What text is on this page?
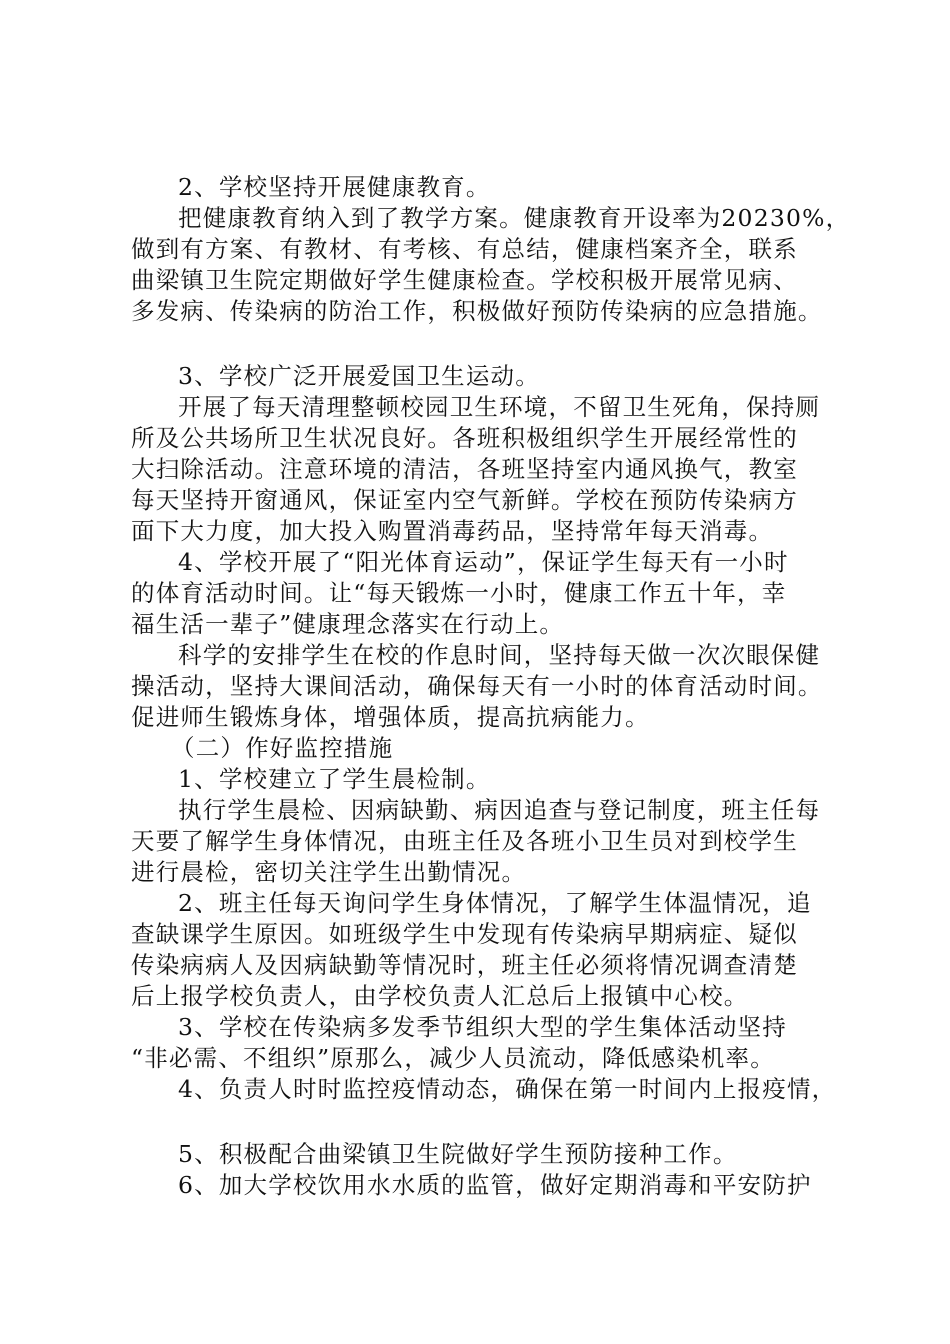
2、学校坚持开展健康教育。
把健康教育纳入到了教学方案。健康教育开设率为20230%，
做到有方案、有教材、有考核、有总结，健康档案齐全，联系
曲梁镇卫生院定期做好学生健康检查。学校积极开展常见病、
多发病、传染病的防治工作，积极做好预防传染病的应急措施。
3、学校广泛开展爱国卫生运动。
开展了每天清理整顿校园卫生环境，不留卫生死角，保持厕
所及公共场所卫生状况良好。各班积极组织学生开展经常性的
大扫除活动。注意环境的清洁，各班坚持室内通风换气，教室
每天坚持开窗通风，保证室内空气新鲜。学校在预防传染病方
面下大力度，加大投入购置消毒药品，坚持常年每天消毒。
4、学校开展了“阳光体育运动”，保证学生每天有一小时
的体育活动时间。让“每天锻炼一小时，健康工作五十年，幸
福生活一辈子”健康理念落实在行动上。
科学的安排学生在校的作息时间，坚持每天做一次次眼保健
操活动，坚持大课间活动，确保每天有一小时的体育活动时间。
促进师生锻炼身体，增强体质，提高抗病能力。
（二）作好监控措施
1、学校建立了学生晨检制。
执行学生晨检、因病缺勤、病因追查与登记制度，班主任每
天要了解学生身体情况，由班主任及各班小卫生员对到校学生
进行晨检，密切关注学生出勤情况。
2、班主任每天询问学生身体情况，了解学生体温情况，追
查缺课学生原因。如班级学生中发现有传染病早期病症、疑似
传染病病人及因病缺勤等情况时，班主任必须将情况调查清楚
后上报学校负责人，由学校负责人汇总后上报镇中心校。
3、学校在传染病多发季节组织大型的学生集体活动坚持
“非必需、不组织”原那么，减少人员流动，降低感染机率。
4、负责人时时监控疫情动态，确保在第一时间内上报疫情，
5、积极配合曲梁镇卫生院做好学生预防接种工作。
6、加大学校饮用水水质的监管，做好定期消毒和平安防护
